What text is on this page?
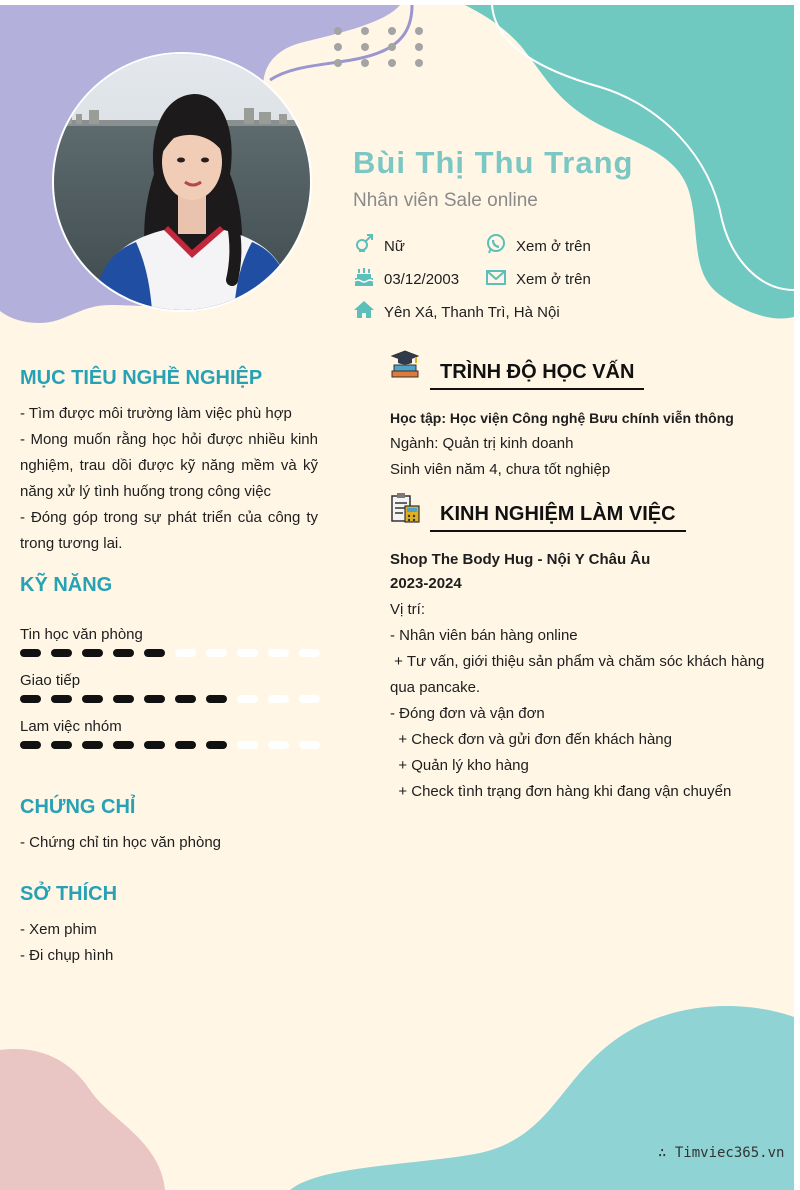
Bùi Thị Thu Trang
Nhân viên Sale online
Nữ	Xem ở trên
03/12/2003	Xem ở trên
Yên Xá, Thanh Trì, Hà Nội
MỤC TIÊU NGHỀ NGHIỆP
- Tìm được môi trường làm việc phù hợp
- Mong muốn rằng học hỏi được nhiều kinh nghiệm, trau dồi được kỹ năng mềm và kỹ năng xử lý tình huống trong công việc
- Đóng góp trong sự phát triển của công ty trong tương lai.
KỸ NĂNG
Tin học văn phòng
Giao tiếp
Lam việc nhóm
CHỨNG CHỈ
- Chứng chỉ tin học văn phòng
SỞ THÍCH
- Xem phim
- Đi chụp hình
TRÌNH ĐỘ HỌC VẤN
Học tập: Học viện Công nghệ Bưu chính viễn thông
Ngành: Quản trị kinh doanh
Sinh viên năm 4, chưa tốt nghiệp
KINH NGHIỆM LÀM VIỆC
Shop The Body Hug - Nội Y Châu Âu
2023-2024
Vị trí:
- Nhân viên bán hàng online
+ Tư vấn, giới thiệu sản phẩm và chăm sóc khách hàng qua pancake.
- Đóng đơn và vận đơn
+ Check đơn và gửi đơn đến khách hàng
+ Quản lý kho hàng
+ Check tình trạng đơn hàng khi đang vận chuyển
∴ Timviec365.vn
